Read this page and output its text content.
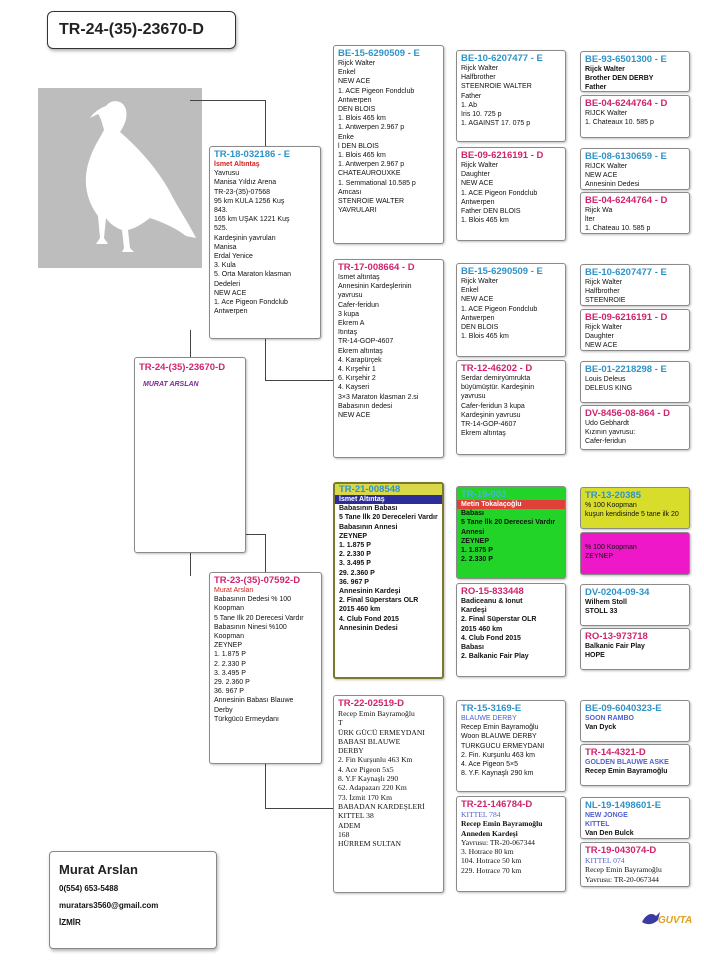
TR-24-(35)-23670-D
TR-24-(35)-23670-D
MURAT ARSLAN
TR-18-032186 - E
İsmet Altıntaş
Yavrusu
Manisa Yıldız Arena
TR-23-(35)-07568
95 km KULA 1256 Kuş
843.
165 km UŞAK 1221 Kuş
525.
Kardeşinin yavruları
Manisa
Erdal Yenice
3. Kula
5. Orta Maraton klasman
Dedeleri
NEW ACE
1. Ace Pigeon Fondclub
Antwerpen
TR-23-(35)-07592-D
Murat Arslan
Babasının Dedesi % 100
Koopman
5 Tane İlk 20 Derecesi Vardır
Babasının Ninesi %100
Koopman
ZEYNEP
1. 1.875 P
2. 2.330 P
3. 3.495 P
29. 2.360 P
36. 967 P
Annesinin Babası Blauwe
Derby
Türkgücü Ermeydanı
BE-15-6290509 - E
Rijck Walter
Enkel
NEW ACE
1. ACE Pigeon Fondclub
Antwerpen
DEN BLOIS
1. Blois 465 km
1. Antwerpen 2.967 p
Enke
l DEN BLOIS
1. Blois 465 km
1. Antwerpen 2.967 p
CHATEAUROUXKE
1. Semmational 10.585 p
Amcası
STENROIE WALTER
YAVRULARI
TR-17-008664 - D
İsmet altıntaş
Annesinin Kardeşlerinin
yavrusu
Cafer-feridun
3 kupa
Ekrem A
Itıntaş
TR-14-GOP-4607
Ekrem altıntaş
4. Karapürçek
4. Kırşehir 1
6. Kırşehir 2
4. Kayseri
3×3 Maraton klasman 2.si
Babasının dedesi
NEW ACE
TR-21-008548
İsmet Altıntaş
Babasının Babası
5 Tane İlk 20 Dereceleri Vardır
Babasının Annesi
ZEYNEP
1. 1.875 P
2. 2.330 P
3. 3.495 P
29. 2.360 P
36. 967 P
Annesinin Kardeşi
2. Final Süperstars OLR
2015 460 km
4. Club Fond 2015
Annesinin Dedesi
TR-22-02519-D
Recep Emin Bayramoğlu
T
ÜRK GÜCÜ ERMEYDANI
BABASI BLAUWE
DERBY
2. Fin Kurşunlu 463 Km
4. Ace Pigeon 5x5
8. Y.F Kaynaşlı 290
62. Adapazarı 220 Km
73. İzmit 170 Km
BABADAN KARDEŞLERİ
KITTEL 38
ADEM
168
HÜRREM SULTAN
BE-10-6207477 - E
Rijck Walter
Halfbrother
STEENROIE WALTER
Father
1. Ab
Iris 10. 725 p
1. AGAINST 17. 075 p
BE-09-6216191 - D
Rijck Walter
Daughter
NEW ACE
1. ACE Pigeon Fondclub
Antwerpen
Father DEN BLOIS
1. Blois 465 km
BE-15-6290509 - E
Rijck Walter
Enkel
NEW ACE
1. ACE Pigeon Fondclub
Antwerpen
DEN BLOIS
1. Blois 465 km
TR-12-46202 - D
Serdar demiryümrukta
büyümüştür. Kardeşinin
yavrusu
Cafer-feridun 3 kupa
Kardeşinin yavrusu
TR-14-GOP-4607
Ekrem altıntaş
TR-19-003
Metin Tokalaçoğlu
Babası
5 Tane İlk 20 Derecesi Vardır
Annesi
ZEYNEP
1. 1.875 P
2. 2.330 P
RO-15-833448
Badiceanu & Ionut
Kardeşi
2. Final Süperstar OLR
2015 460 km
4. Club Fond 2015
Babası
2. Balkanic Fair Play
TR-15-3169-E
BLAUWE DERBY
Recep Emin Bayramoğlu
Woon BLAUWE DERBY
TÜRKGÜCÜ ERMEYDANI
2. Fin. Kurşunlu 463 km
4. Ace Pigeon 5×5
8. Y.F. Kaynaşlı 290 km
TR-21-146784-D
KITTEL 784
Recep Emin Bayramoğlu
Anneden Kardeşi
Yavrusu: TR-20-067344
3. Hotrace 80 km
104. Hotrace 50 km
229. Hotrace 70 km
BE-93-6501300 - E
Rijck Walter
Brother DEN DERBY
Father
BE-04-6244764 - D
RİJCK Walter
1. Chateaux 10. 585 p
BE-08-6130659 - E
RİJCK Walter
NEW ACE
Annesinin Dedesi
BE-04-6244764 - D
Rijck Wa
lter
1. Chateau 10. 585 p
BE-10-6207477 - E
Rijck Walter
Halfbrother
STEENROIE
BE-09-6216191 - D
Rijck Walter
Daughter
NEW ACE
BE-01-2218298 - E
Louis Deleus
DELEUS KING
DV-8456-08-864 - D
Udo Gebhardt
Kızının yavrusu:
Cafer-feridun
TR-13-20385
% 100 Koopman
kuşun kendisinde 5 tane ilk 20
% 100 Koopman
ZEYNEP
DV-0204-09-34
Wilhem Stoll
STOLL 33
RO-13-973718
Balkanic Fair Play
HOPE
BE-09-6040323-E
SOON RAMBO
Van Dyck
TR-14-4321-D
GOLDEN BLAUWE ASKE
Recep Emin Bayramoğlu
NL-19-1498601-E
NEW JONGE
KITTEL
Van Den Bulck
TR-19-043074-D
KITTEL 074
Recep Emin Bayramoğlu
Yavrusu: TR-20-067344
Murat Arslan
0(554) 653-5488
muratars3560@gmail.com
İZMİR	GUVTA
